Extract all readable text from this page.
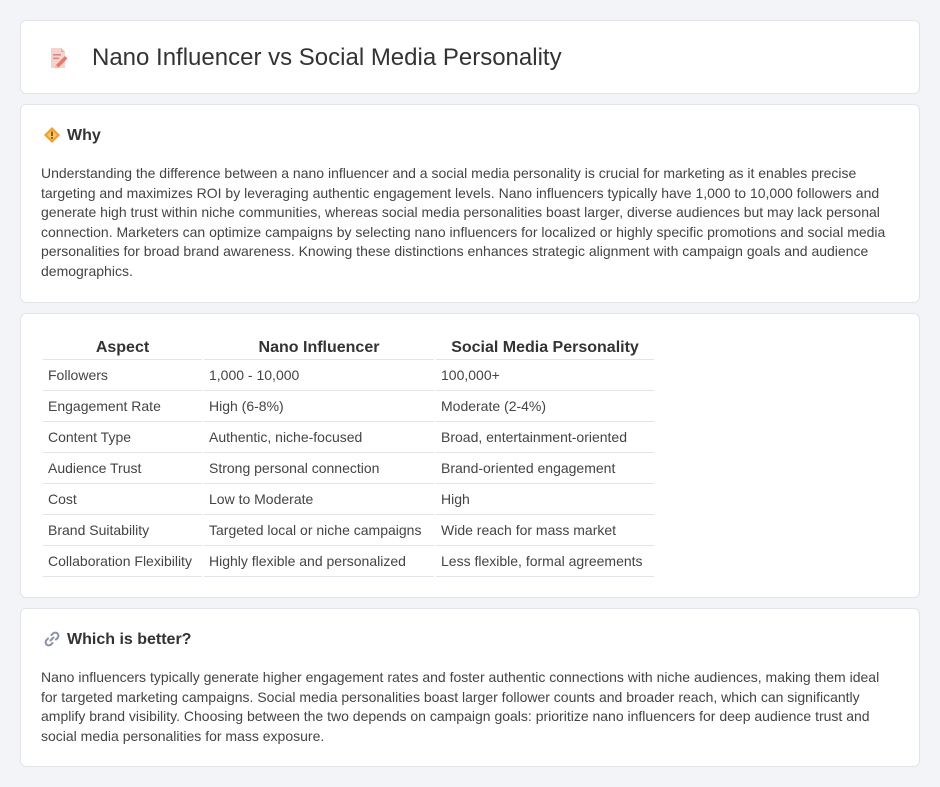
Nano Influencer vs Social Media Personality
Why

Understanding the difference between a nano influencer and a social media personality is crucial for marketing as it enables precise targeting and maximizes ROI by leveraging authentic engagement levels. Nano influencers typically have 1,000 to 10,000 followers and generate high trust within niche communities, whereas social media personalities boast larger, diverse audiences but may lack personal connection. Marketers can optimize campaigns by selecting nano influencers for localized or highly specific promotions and social media personalities for broad brand awareness. Knowing these distinctions enhances strategic alignment with campaign goals and audience demographics.

Aspect	Nano Influencer	Social Media Personality
Followers	1,000 - 10,000	100,000+
Engagement Rate	High (6-8%)	Moderate (2-4%)
Content Type	Authentic, niche-focused	Broad, entertainment-oriented
Audience Trust	Strong personal connection	Brand-oriented engagement
Cost	Low to Moderate	High
Brand Suitability	Targeted local or niche campaigns	Wide reach for mass market
Collaboration Flexibility	Highly flexible and personalized	Less flexible, formal agreements
Which is better?

Nano influencers typically generate higher engagement rates and foster authentic connections with niche audiences, making them ideal for targeted marketing campaigns. Social media personalities boast larger follower counts and broader reach, which can significantly amplify brand visibility. Choosing between the two depends on campaign goals: prioritize nano influencers for deep audience trust and social media personalities for mass exposure.
